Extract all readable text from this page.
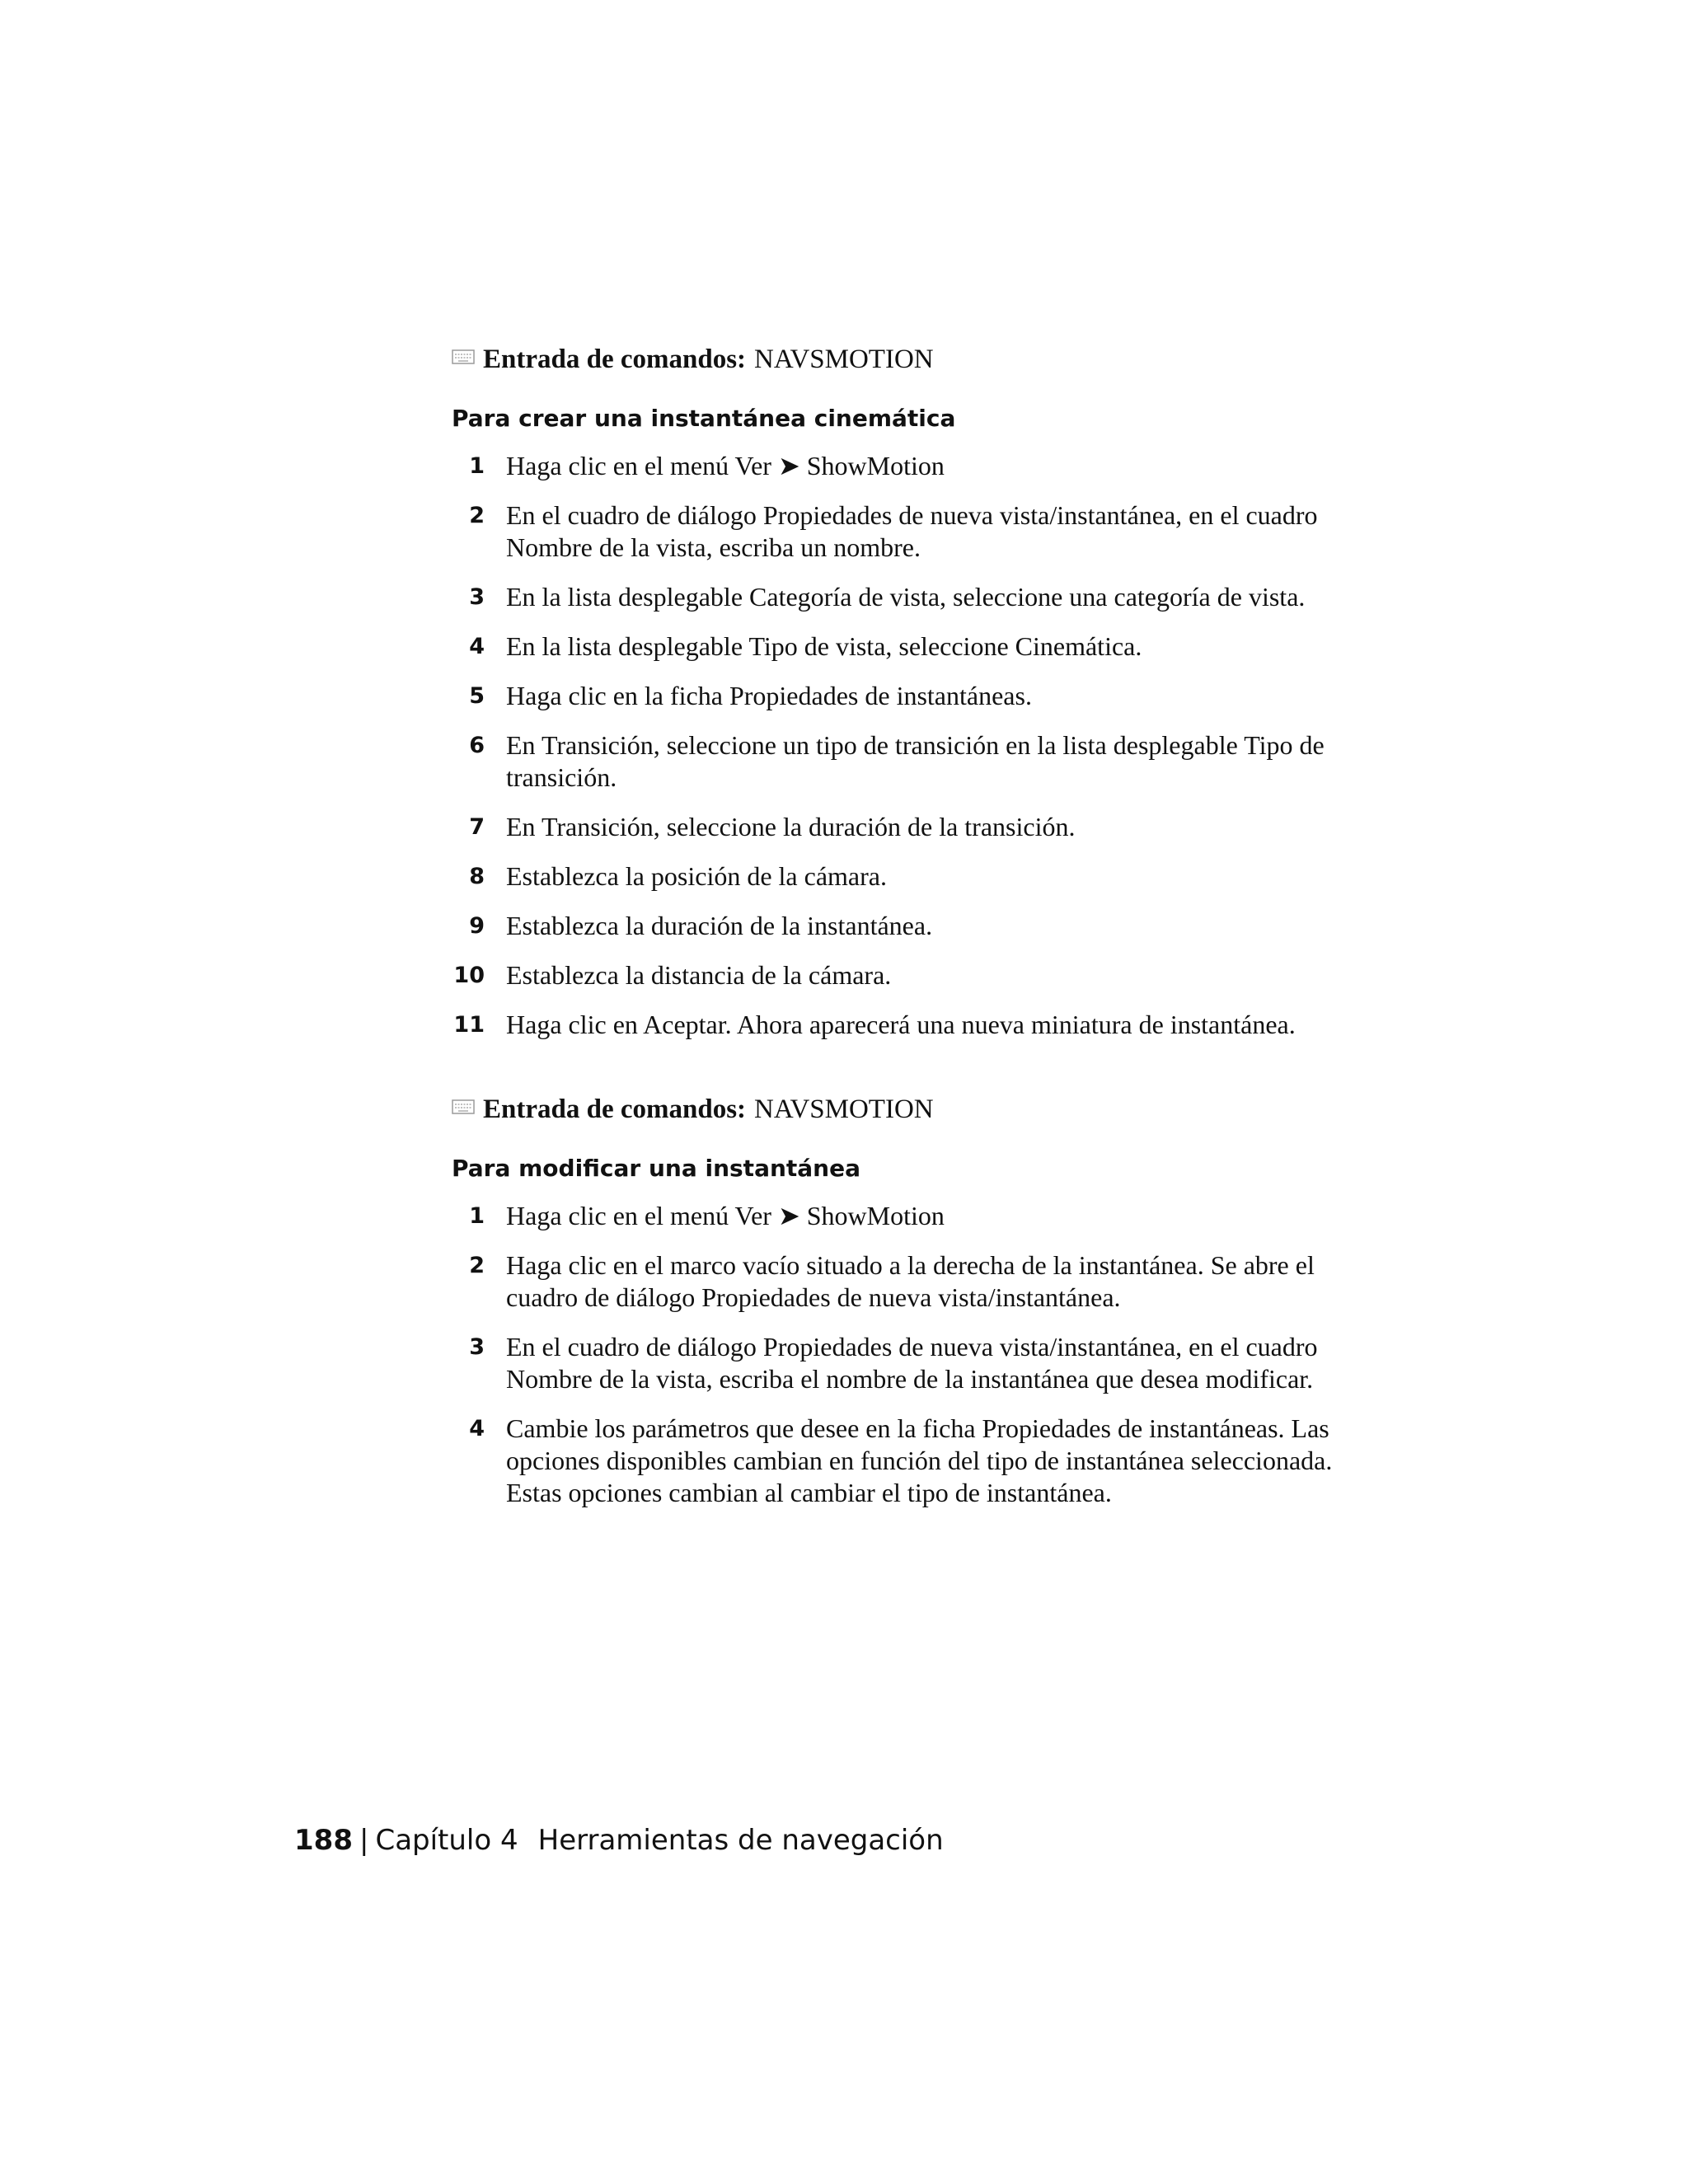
Entrada de comandos: NAVSMOTION
Para crear una instantánea cinemática
1 Haga clic en el menú Ver ➤ ShowMotion
2 En el cuadro de diálogo Propiedades de nueva vista/instantánea, en el cuadro Nombre de la vista, escriba un nombre.
3 En la lista desplegable Categoría de vista, seleccione una categoría de vista.
4 En la lista desplegable Tipo de vista, seleccione Cinemática.
5 Haga clic en la ficha Propiedades de instantáneas.
6 En Transición, seleccione un tipo de transición en la lista desplegable Tipo de transición.
7 En Transición, seleccione la duración de la transición.
8 Establezca la posición de la cámara.
9 Establezca la duración de la instantánea.
10 Establezca la distancia de la cámara.
11 Haga clic en Aceptar. Ahora aparecerá una nueva miniatura de instantánea.
Entrada de comandos: NAVSMOTION
Para modificar una instantánea
1 Haga clic en el menú Ver ➤ ShowMotion
2 Haga clic en el marco vacío situado a la derecha de la instantánea. Se abre el cuadro de diálogo Propiedades de nueva vista/instantánea.
3 En el cuadro de diálogo Propiedades de nueva vista/instantánea, en el cuadro Nombre de la vista, escriba el nombre de la instantánea que desea modificar.
4 Cambie los parámetros que desee en la ficha Propiedades de instantáneas. Las opciones disponibles cambian en función del tipo de instantánea seleccionada. Estas opciones cambian al cambiar el tipo de instantánea.
188 | Capítulo 4 Herramientas de navegación
